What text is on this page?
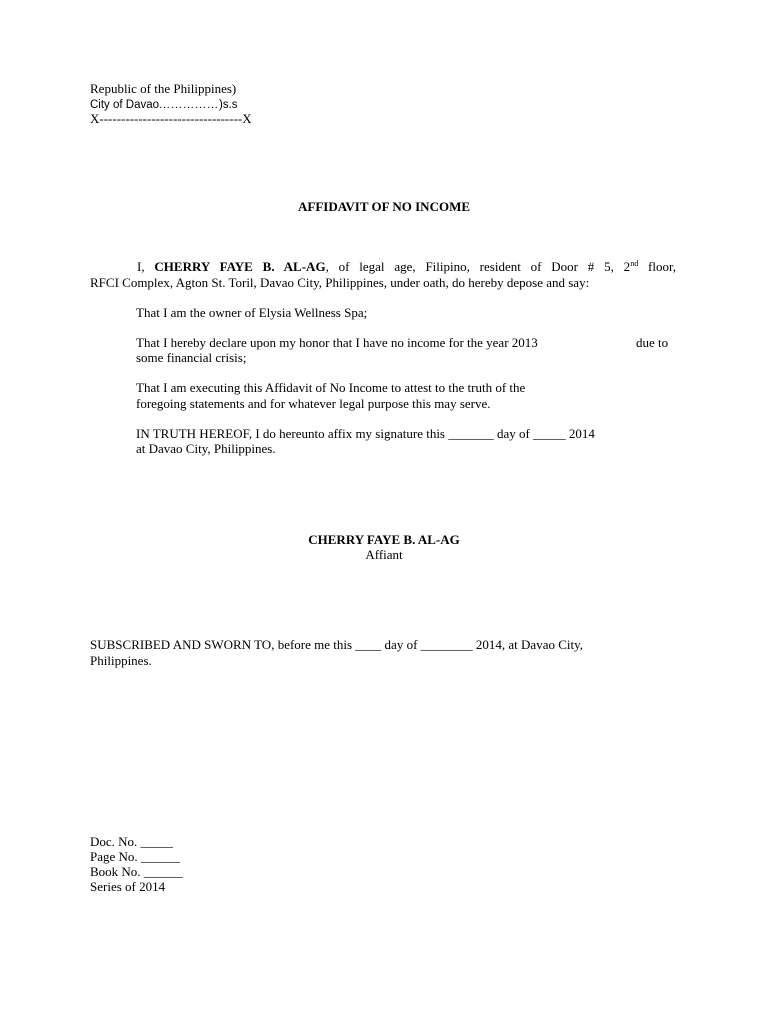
Republic of the Philippines)
City of Davao……………)s.s
X---------------------------------X
AFFIDAVIT OF NO INCOME
I, CHERRY FAYE B. AL-AG, of legal age, Filipino, resident of Door # 5, 2nd floor,
RFCI Complex, Agton St. Toril, Davao City, Philippines, under oath, do hereby depose and say:
That I am the owner of Elysia Wellness Spa;
That I hereby declare upon my honor that I have no income for the year 2013	due to
some financial crisis;
That I am executing this Affidavit of No Income to attest to the truth of the
foregoing statements and for whatever legal purpose this may serve.
IN TRUTH HEREOF, I do hereunto affix my signature this _______ day of _____ 2014
at Davao City, Philippines.
CHERRY FAYE B. AL-AG
Affiant
SUBSCRIBED AND SWORN TO, before me this ____ day of ________ 2014, at Davao City,
Philippines.
Doc. No. _____
Page No. ______
Book No. ______
Series of 2014
